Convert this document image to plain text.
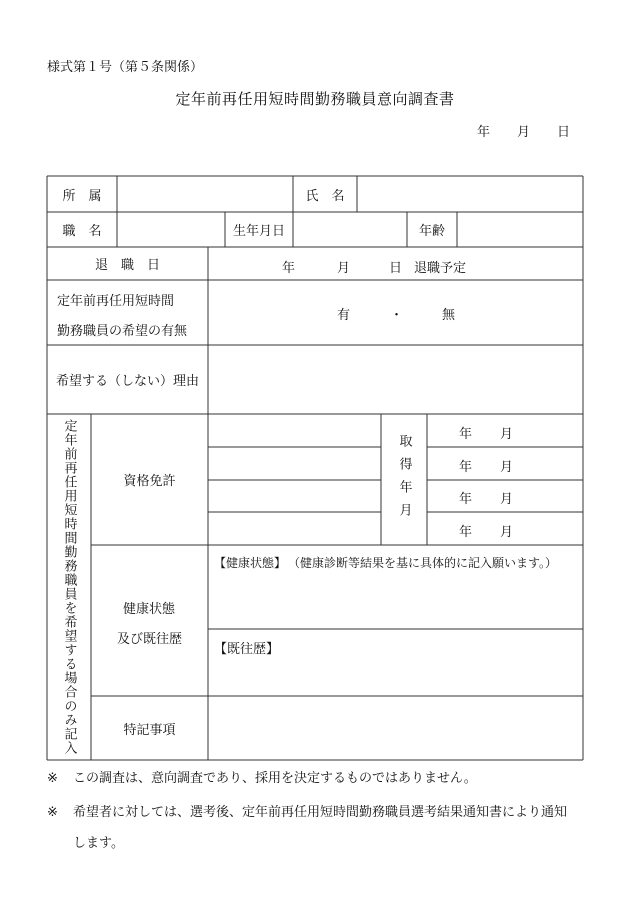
様式第１号（第５条関係）
定年前再任用短時間勤務職員意向調査書
年 月 日
所　属	氏　名
職　名	生年月日	年齢
退　職　日	年	月	日 退職予定
定年前再任用短時間
勤務職員の希望の有無
有	・	無
希望する（しない）理由
定年前再任用短時間勤務職員を希望する場合のみ記入	資格免許	取得年月	年 月
年 月
年 月
年 月
健康状態
及び既往歴
【健康状態】 （健康診断等結果を基に具体的に記入願います。）
【既往歴】
特記事項
※ この調査は、意向調査であり、採用を決定するものではありません。
※ 希望者に対しては、選考後、定年前再任用短時間勤務職員選考結果通知書により通知
します。
